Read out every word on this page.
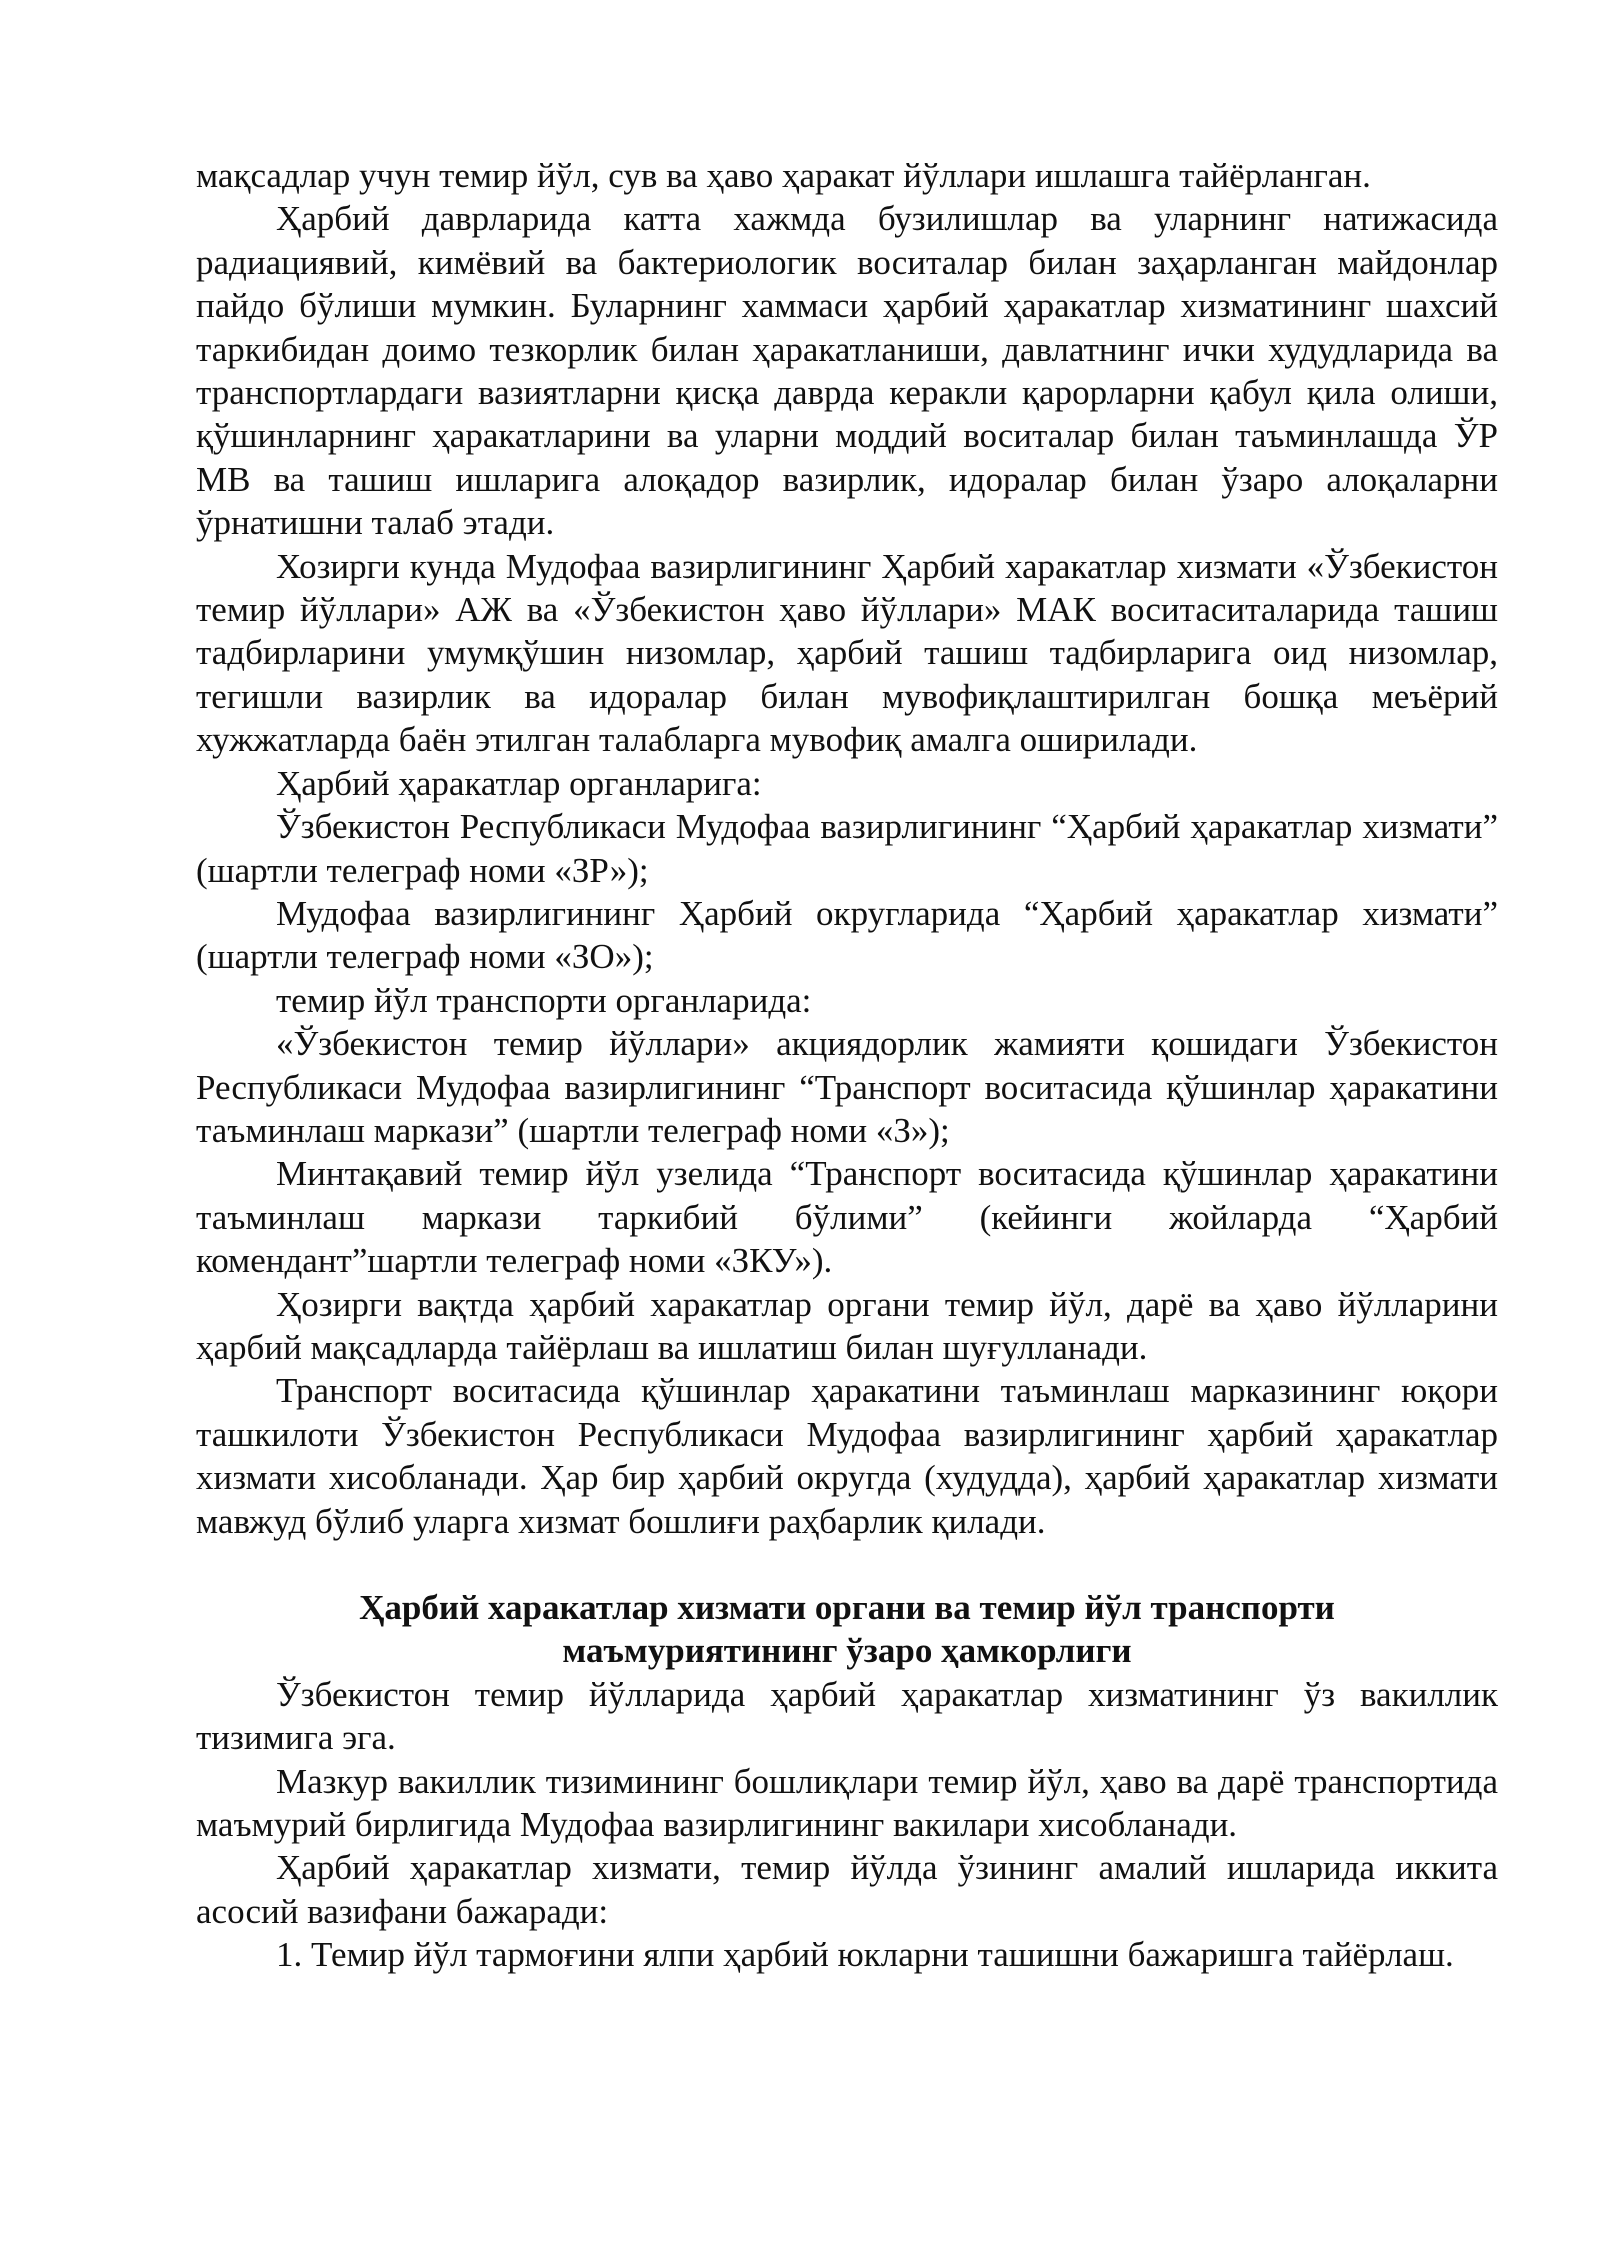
мақсадлар учун темир йўл, сув ва ҳаво ҳаракат йўллари ишлашга тайёрланган.

Ҳарбий даврларида катта хажмда бузилишлар ва уларнинг натижасида радиациявий, кимёвий ва бактериологик воситалар билан заҳарланган майдонлар пайдо бўлиши мумкин. Буларнинг хаммаси ҳарбий ҳаракатлар хизматининг шахсий таркибидан доимо тезкорлик билан ҳаракатланиши, давлатнинг ички худудларида ва транспортлардаги вазиятларни қисқа даврда керакли қарорларни қабул қила олиши, қўшинларнинг ҳаракатларини ва уларни моддий воситалар билан таъминлашда ЎР МВ ва ташиш ишларига алоқадор вазирлик, идоралар билан ўзаро алоқаларни ўрнатишни талаб этади.

Хозирги кунда Мудофаа вазирлигининг Ҳарбий харакатлар хизмати «Ўзбекистон темир йўллари» АЖ ва «Ўзбекистон ҳаво йўллари» МАК воситаситаларида ташиш тадбирларини умумқўшин низомлар, ҳарбий ташиш тадбирларига оид низомлар, тегишли вазирлик ва идоралар билан мувофиқлаштирилган бошқа меъёрий хужжатларда баён этилган талабларга мувофиқ амалга оширилади.

Ҳарбий ҳаракатлар органларига:

Ўзбекистон Республикаси Мудофаа вазирлигининг “Ҳарбий ҳаракатлар хизмати” (шартли телеграф номи «ЗР»);

Мудофаа вазирлигининг Ҳарбий округларида “Ҳарбий ҳаракатлар хизмати” (шартли телеграф номи «ЗО»);

темир йўл транспорти органларида:

«Ўзбекистон темир йўллари» акциядорлик жамияти қошидаги Ўзбекистон Республикаси Мудофаа вазирлигининг “Транспорт воситасида қўшинлар ҳаракатини таъминлаш маркази” (шартли телеграф номи «З»);

Минтақавий темир йўл узелида “Транспорт воситасида қўшинлар ҳаракатини таъминлаш маркази таркибий бўлими” (кейинги жойларда “Ҳарбий комендант”шартли телеграф номи «ЗКУ»).

Ҳозирги вақтда ҳарбий харакатлар органи темир йўл, дарё ва ҳаво йўлларини ҳарбий мақсадларда тайёрлаш ва ишлатиш билан шуғулланади.

Транспорт воситасида қўшинлар ҳаракатини таъминлаш марказининг юқори ташкилоти Ўзбекистон Республикаси Мудофаа вазирлигининг ҳарбий ҳаракатлар хизмати хисобланади. Ҳар бир ҳарбий округда (худудда), ҳарбий ҳаракатлар хизмати мавжуд бўлиб уларга хизмат бошлиғи раҳбарлик қилади.

Ҳарбий харакатлар хизмати органи ва темир йўл транспорти
маъмуриятининг ўзаро ҳамкорлиги

Ўзбекистон темир йўлларида ҳарбий ҳаракатлар хизматининг ўз вакиллик тизимига эга.

Мазкур вакиллик тизимининг бошлиқлари темир йўл, ҳаво ва дарё транспортида маъмурий бирлигида Мудофаа вазирлигининг вакилари хисобланади.

Ҳарбий ҳаракатлар хизмати, темир йўлда ўзининг амалий ишларида иккита асосий вазифани бажаради:

1. Темир йўл тармоғини ялпи ҳарбий юкларни ташишни бажаришга тайёрлаш.
